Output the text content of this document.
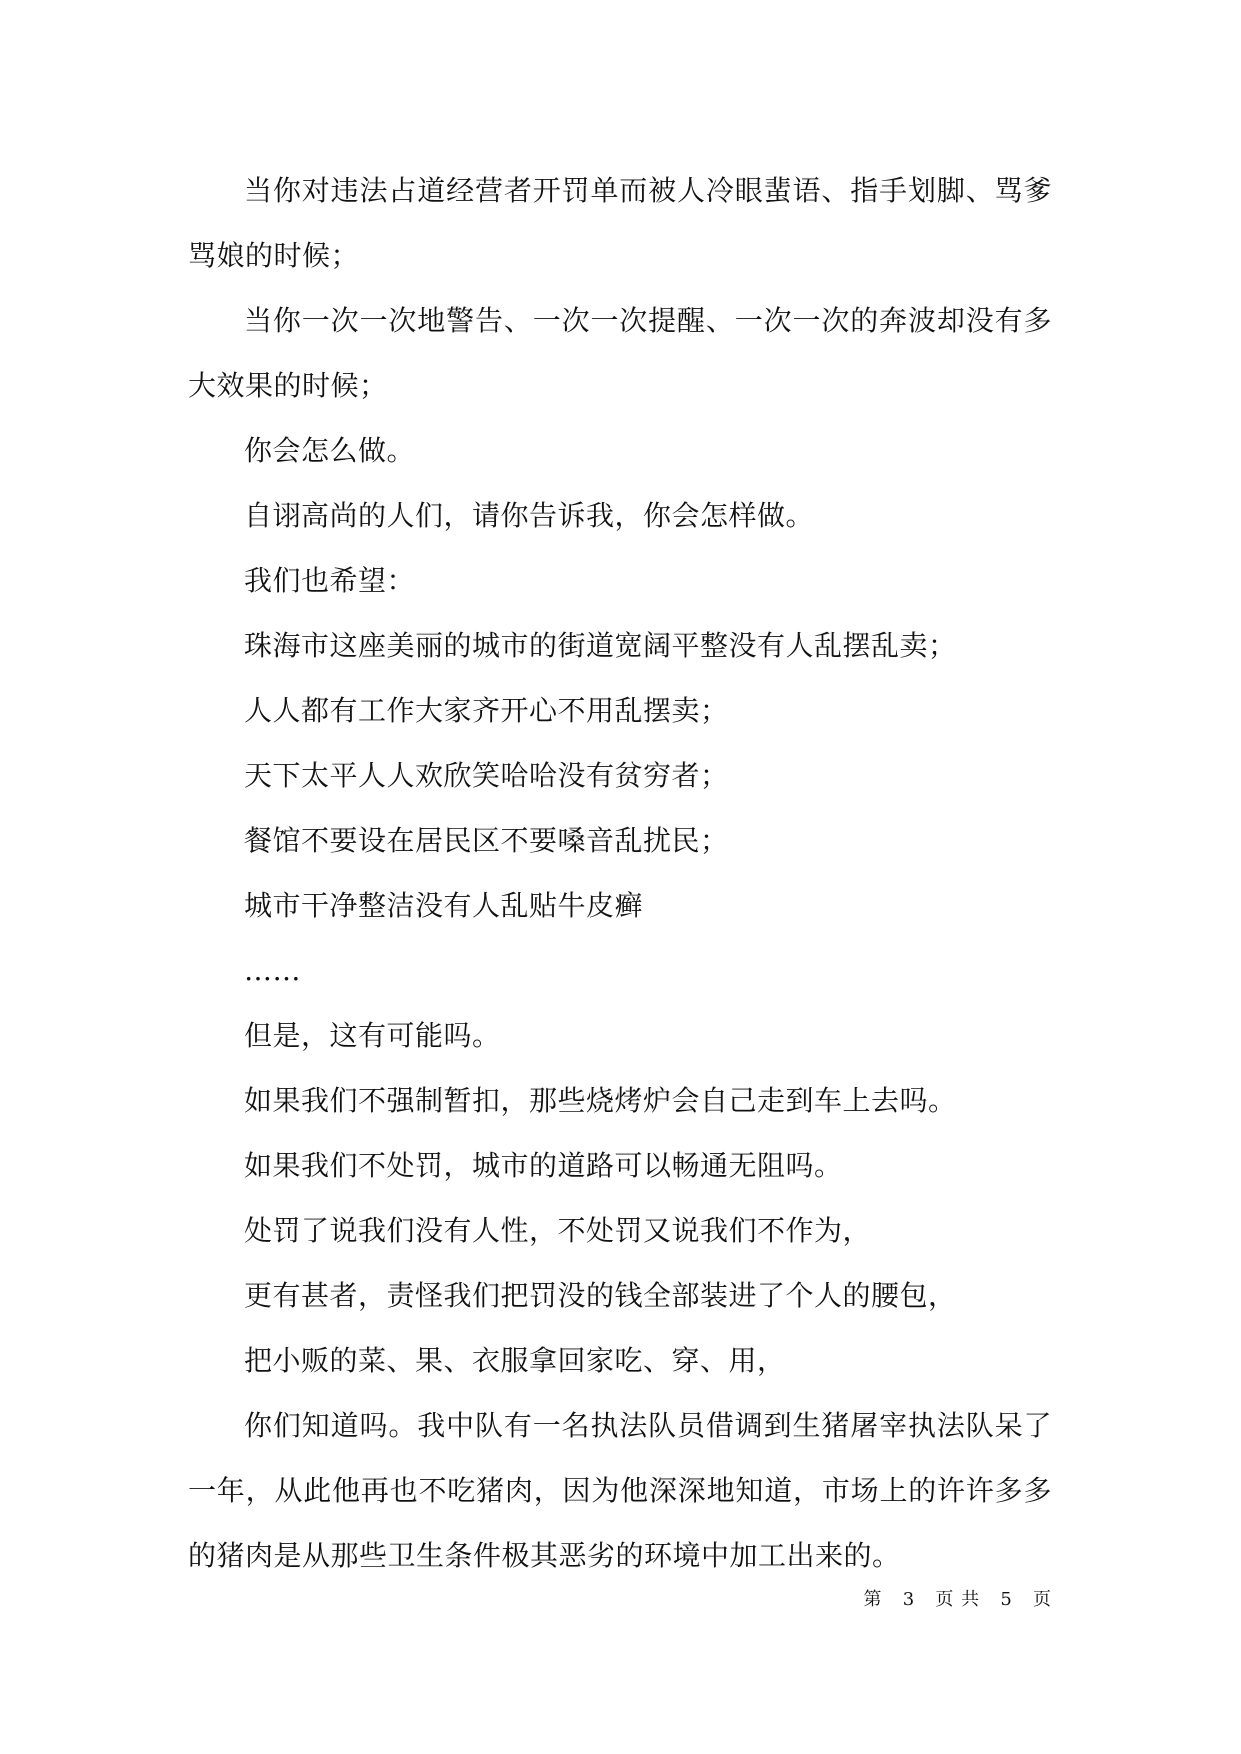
当你对违法占道经营者开罚单而被人冷眼蜚语、指手划脚、骂爹骂娘的时候；

当你一次一次地警告、一次一次提醒、一次一次的奔波却没有多大效果的时候；

你会怎么做。

自诩高尚的人们，请你告诉我，你会怎样做。

我们也希望：

珠海市这座美丽的城市的街道宽阔平整没有人乱摆乱卖；

人人都有工作大家齐开心不用乱摆卖；

天下太平人人欢欣笑哈哈没有贫穷者；

餐馆不要设在居民区不要嗓音乱扰民；

城市干净整洁没有人乱贴牛皮癣

……

但是，这有可能吗。

如果我们不强制暂扣，那些烧烤炉会自己走到车上去吗。

如果我们不处罚，城市的道路可以畅通无阻吗。

处罚了说我们没有人性，不处罚又说我们不作为，

更有甚者，责怪我们把罚没的钱全部装进了个人的腰包，

把小贩的菜、果、衣服拿回家吃、穿、用，

你们知道吗。我中队有一名执法队员借调到生猪屠宰执法队呆了一年，从此他再也不吃猪肉，因为他深深地知道，市场上的许许多多的猪肉是从那些卫生条件极其恶劣的环境中加工出来的。

第 3 页 共 5 页
